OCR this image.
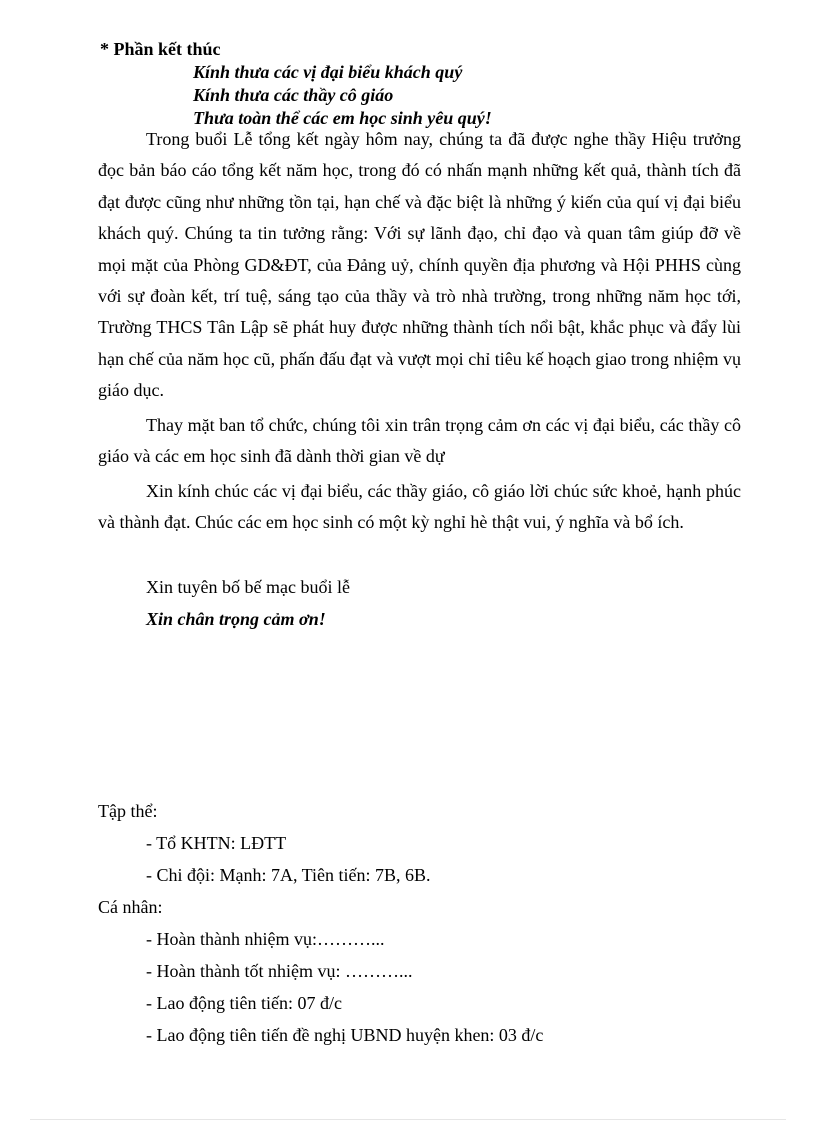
* Phần kết thúc
Kính thưa các vị đại biểu khách quý
Kính thưa các thầy cô giáo
Thưa toàn thể các em học sinh yêu quý!

Trong buổi Lễ tổng kết ngày hôm nay, chúng ta đã được nghe thầy Hiệu trưởng đọc bản báo cáo tổng kết năm học, trong đó có nhấn mạnh những kết quả, thành tích đã đạt được cũng như những tồn tại, hạn chế và đặc biệt là những ý kiến của quí vị đại biểu khách quý. Chúng ta tin tưởng rằng: Với sự lãnh đạo, chỉ đạo và quan tâm giúp đỡ về mọi mặt của Phòng GD&ĐT, của Đảng uỷ, chính quyền địa phương và Hội PHHS cùng với sự đoàn kết, trí tuệ, sáng tạo của thầy và trò nhà trường, trong những năm học tới, Trường THCS Tân Lập sẽ phát huy được những thành tích nổi bật, khắc phục và đẩy lùi hạn chế của năm học cũ, phấn đấu đạt và vượt mọi chỉ tiêu kế hoạch giao trong nhiệm vụ giáo dục.

Thay mặt ban tổ chức, chúng tôi xin trân trọng cảm ơn các vị đại biểu, các thầy cô giáo và các em học sinh đã dành thời gian về dự

Xin kính chúc các vị đại biểu, các thầy giáo, cô giáo lời chúc sức khoẻ, hạnh phúc và thành đạt. Chúc các em học sinh có một kỳ nghỉ hè thật vui, ý nghĩa và bổ ích.

Xin tuyên bố bế mạc buổi lễ
Xin chân trọng cảm ơn!
Tập thể:
- Tổ KHTN: LĐTT
- Chi đội: Mạnh: 7A, Tiên tiến: 7B, 6B.
Cá nhân:
- Hoàn thành nhiệm vụ:………...
- Hoàn thành tốt nhiệm vụ: ………...
- Lao động tiên tiến: 07 đ/c
- Lao động tiên tiến đề nghị UBND huyện khen: 03 đ/c
